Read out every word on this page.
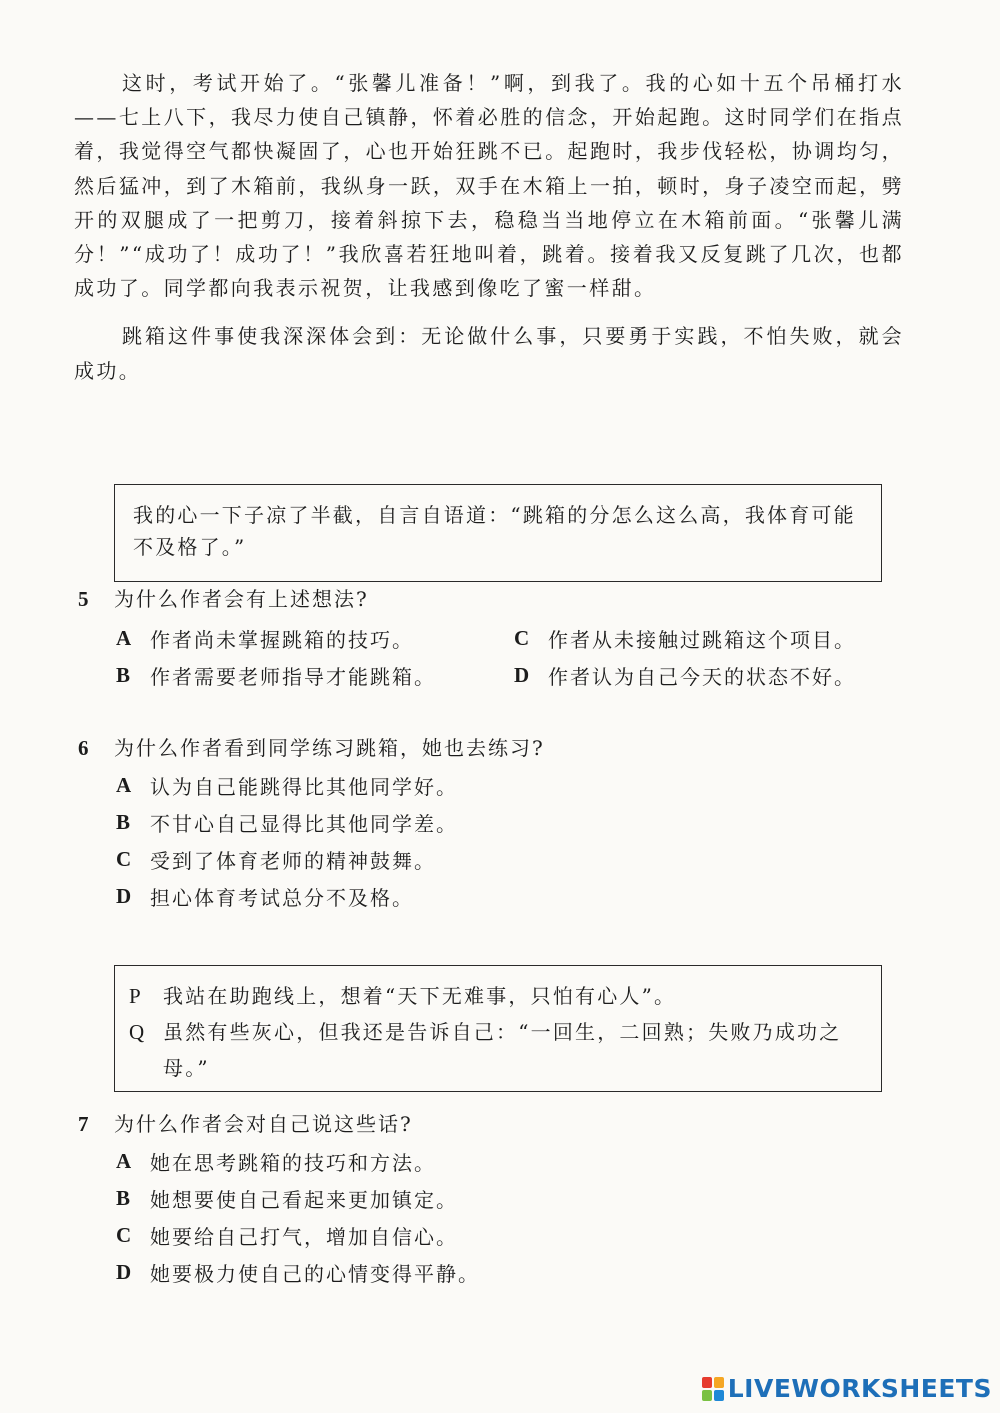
这时，考试开始了。“张馨儿准备！”啊，到我了。我的心如十五个吊桶打水——七上八下，我尽力使自己镇静，怀着必胜的信念，开始起跑。这时同学们在指点着，我觉得空气都快凝固了，心也开始狂跳不已。起跑时，我步伐轻松，协调均匀，然后猛冲，到了木箱前，我纵身一跃，双手在木箱上一拍，顿时，身子凌空而起，劈开的双腿成了一把剪刀，接着斜掠下去，稳稳当当地停立在木箱前面。“张馨儿满分！”“成功了！成功了！”我欣喜若狂地叫着，跳着。接着我又反复跳了几次，也都成功了。同学都向我表示祝贺，让我感到像吃了蜜一样甜。

跳箱这件事使我深深体会到：无论做什么事，只要勇于实践，不怕失败，就会成功。

我的心一下子凉了半截，自言自语道：“跳箱的分怎么这么高，我体育可能不及格了。”
5	为什么作者会有上述想法?
A 作者尚未掌握跳箱的技巧。	C 作者从未接触过跳箱这个项目。
B 作者需要老师指导才能跳箱。	D 作者认为自己今天的状态不好。
6	为什么作者看到同学练习跳箱，她也去练习?
A 认为自己能跳得比其他同学好。
B 不甘心自己显得比其他同学差。
C 受到了体育老师的精神鼓舞。
D 担心体育考试总分不及格。
P	我站在助跑线上，想着“天下无难事，只怕有心人”。
Q 虽然有些灰心，但我还是告诉自己：“一回生，二回熟；失败乃成功之母。”
7	为什么作者会对自己说这些话?
A 她在思考跳箱的技巧和方法。
B 她想要使自己看起来更加镇定。
C 她要给自己打气，增加自信心。
D 她要极力使自己的心情变得平静。
LIVEWORKSHEETS
